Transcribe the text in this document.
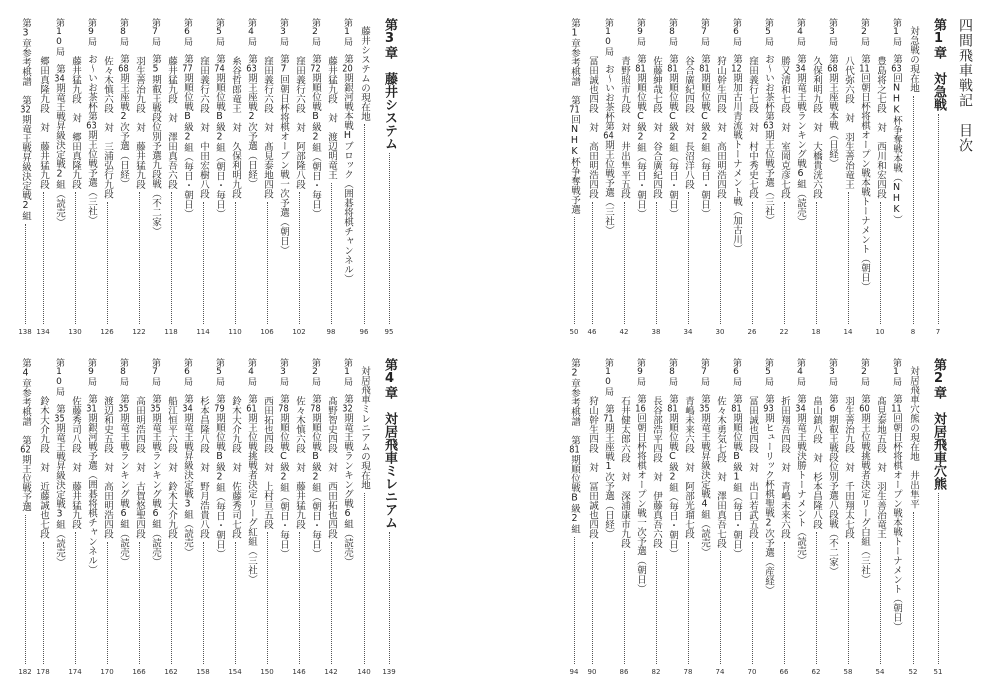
四間飛車戦記　目次
第1章
対急戦
7
対急戦の現在地
8
第1局
第63回NHK杯争奪戦本戦（NHK）
豊島将之七段　対　西川和宏四段
10
第2局
第11回朝日杯将棋オープン戦本戦トーナメント（朝日）
八代弥六段　対　羽生善治竜王
14
第3局
第68期王座戦本戦（日経）
久保利明九段　対　大橋貴洸六段
18
第4局
第34期竜王戦ランキング戦6組（読売）
勝又清和七段　対　室岡克彦七段
22
第5局
お～いお茶杯第63期王位戦予選（三社）
窪田義行七段　対　村中秀史七段
26
第6局
第12期加古川青流戦トーナメント戦（加古川）
狩山幹生四段　対　高田明浩四段
30
第7局
第81期順位戦C級2組（毎日・朝日）
谷合廣紀四段　対　長沼洋八段
34
第8局
第81期順位戦C級2組（毎日・朝日）
佐藤紳哉七段　対　谷合廣紀四段
38
第9局
第81期順位戦C級2組（毎日・朝日）
青野照市九段　対　井出隼平五段
42
第10局
お～いお茶杯第64期王位戦予選（三社）
冨田誠也四段　対　高田明浩四段
46
第1章参考棋譜　第71回NHK杯争奪戦予選
50
第2章
対居飛車穴熊
51
対居飛車穴熊の現在地　井出隼平
52
第1局
第11回朝日杯将棋オープン戦本戦トーナメント（朝日）
髙見泰地五段　対　羽生善治竜王
54
第2局
第60期王位戦挑戦者決定リーグ白組（三社）
羽生善治九段　対　千田翔太七段
58
第3局
第6期叡王戦段位別予選八段戦（不二家）
畠山鎮八段　対　杉本昌隆八段
62
第4局
第34期竜王戦決勝トーナメント（読売）
折田翔吾四段　対　青嶋未来六段
66
第5局
第93期ヒューリック杯棋聖戦2次予選（産経）
冨田誠也四段　対　出口若武五段
70
第6局
第81期順位戦B級1組（毎日・朝日）
佐々木勇気七段　対　澤田真吾七段
74
第7局
第35期竜王戦昇級決定戦4組（読売）
青嶋未来六段　対　阿部光瑠七段
78
第8局
第81期順位戦C級2組（毎日・朝日）
長谷部浩平四段　対　伊藤真吾六段
82
第9局
第16回朝日杯将棋オープン戦一次予選（朝日）
石井健太郎六段　対　深浦康市九段
86
第10局
第71期王座戦1次予選（日経）
狩山幹生四段　対　冨田誠也四段
90
第2章参考棋譜　第81期順位戦B級2組
94
第3章
藤井システム
95
藤井システムの現在地
96
第1局
第20期銀河戦本戦Hブロック（囲碁将棋チャンネル）
藤井猛九段　対　渡辺明竜王
98
第2局
第72期順位戦B級2組（朝日・毎日）
窪田義行六段　対　阿部隆八段
102
第3局
第7回朝日杯将棋オープン戦一次予選（朝日）
窪田義行六段　対　髙見泰地四段
106
第4局
第63期王座戦2次予選（日経）
糸谷哲郎竜王　対　久保利明九段
110
第5局
第74期順位戦B級2組（朝日・毎日）
窪田義行六段　対　中田宏樹八段
114
第6局
第77期順位戦B級2組（毎日・朝日）
藤井猛九段　対　澤田真吾六段
118
第7局
第5期叡王戦段位別予選九段戦（不二家）
羽生善治九段　対　藤井猛九段
122
第8局
第68期王座戦2次予選（日経）
佐々木慎六段　対　三浦弘行九段
126
第9局
お～いお茶杯第63期王位戦予選（三社）
藤井猛九段　対　郷田真隆九段
130
第10局
第34期竜王戦昇級決定戦2組（読売）
郷田真隆九段　対　藤井猛九段
134
第3章参考棋譜　第32期竜王戦昇級決定戦2組
138
第4章
対居飛車ミレニアム
139
対居飛車ミレニアムの現在地
140
第1局
第32期竜王戦ランキング戦6組（読売）
髙野智史四段　対　西田拓也四段
142
第2局
第78期順位戦B級2組（朝日・毎日）
佐々木慎六段　対　藤井猛九段
146
第3局
第78期順位戦C級2組（朝日・毎日）
西田拓也四段　対　上村亘五段
150
第4局
第61期王位戦挑戦者決定リーグ紅組（三社）
鈴木大介九段　対　佐藤秀司七段
154
第5局
第79期順位戦B級2組（毎日・朝日）
杉本昌隆八段　対　野月浩貴八段
158
第6局
第34期竜王戦昇級決定戦3組（読売）
船江恒平六段　対　鈴木大介九段
162
第7局
第35期竜王戦ランキング戦6組（読売）
高田明浩四段　対　古賀悠聖四段
166
第8局
第35期竜王戦ランキング戦6組（読売）
渡辺和史五段　対　高田明浩四段
170
第9局
第31期銀河戦予選（囲碁将棋チャンネル）
佐藤秀司八段　対　藤井猛九段
174
第10局
第35期竜王戦昇級決定戦3組（読売）
鈴木大介九段　対　近藤誠也七段
178
第4章参考棋譜　第62期王位戦予選
182
